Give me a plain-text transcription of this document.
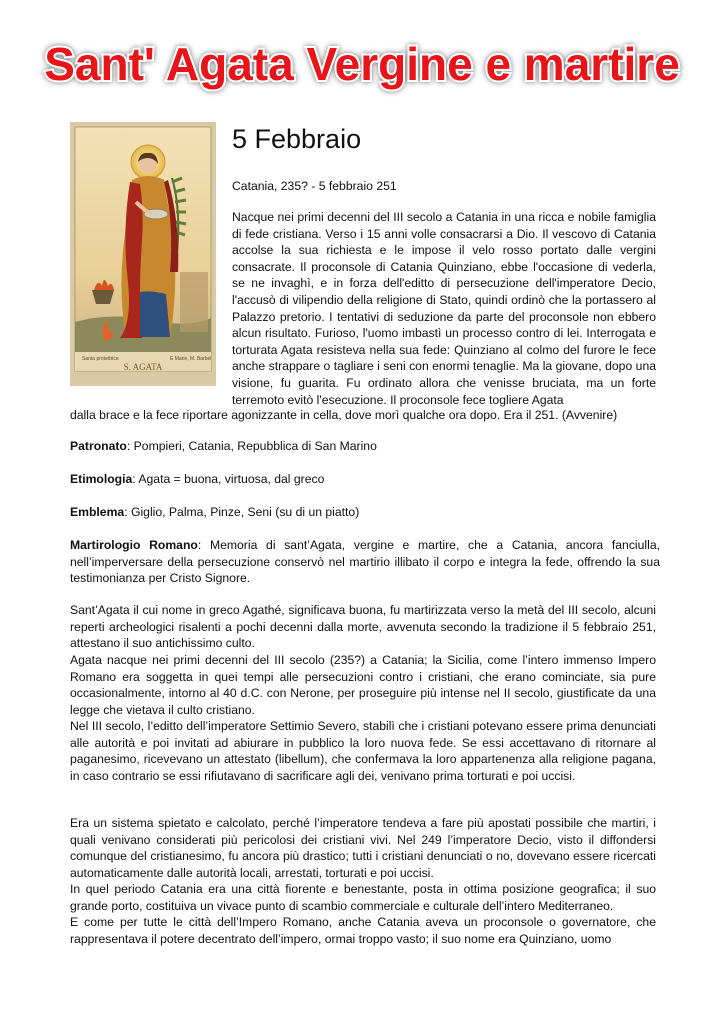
Sant' Agata Vergine e martire
Santa protettrice	E Marie, M. Barbel
S. AGATA
5 Febbraio
Catania, 235? - 5 febbraio 251

Nacque nei primi decenni del III secolo a Catania in una ricca e nobile famiglia di fede cristiana. Verso i 15 anni volle consacrarsi a Dio. Il vescovo di Catania accolse la sua richiesta e le impose il velo rosso portato dalle vergini consacrate. Il proconsole di Catania Quinziano, ebbe l'occasione di vederla, se ne invaghì, e in forza dell'editto di persecuzione dell'imperatore Decio, l'accusò di vilipendio della religione di Stato, quindi ordinò che la portassero al Palazzo pretorio. I tentativi di seduzione da parte del proconsole non ebbero alcun risultato. Furioso, l'uomo imbastì un processo contro di lei. Interrogata e torturata Agata resisteva nella sua fede: Quinziano al colmo del furore le fece anche strappare o tagliare i seni con enormi tenaglie. Ma la giovane, dopo una visione, fu guarita. Fu ordinato allora che venisse bruciata, ma un forte terremoto evitò l'esecuzione. Il proconsole fece togliere Agata

dalla brace e la fece riportare agonizzante in cella, dove morì qualche ora dopo. Era il 251. (Avvenire)

Patronato: Pompieri, Catania, Repubblica di San Marino

Etimologia: Agata = buona, virtuosa, dal greco

Emblema: Giglio, Palma, Pinze, Seni (su di un piatto)

Martirologio Romano: Memoria di sant’Agata, vergine e martire, che a Catania, ancora fanciulla, nell’imperversare della persecuzione conservò nel martirio illibato il corpo e integra la fede, offrendo la sua testimonianza per Cristo Signore.

Sant’Agata il cui nome in greco Agathé, significava buona, fu martirizzata verso la metà del III secolo, alcuni reperti archeologici risalenti a pochi decenni dalla morte, avvenuta secondo la tradizione il 5 febbraio 251, attestano il suo antichissimo culto.

Agata nacque nei primi decenni del III secolo (235?) a Catania; la Sicilia, come l’intero immenso Impero Romano era soggetta in quei tempi alle persecuzioni contro i cristiani, che erano cominciate, sia pure occasionalmente, intorno al 40 d.C. con Nerone, per proseguire più intense nel II secolo, giustificate da una legge che vietava il culto cristiano.

Nel III secolo, l’editto dell’imperatore Settimio Severo, stabilì che i cristiani potevano essere prima denunciati alle autorità e poi invitati ad abiurare in pubblico la loro nuova fede. Se essi accettavano di ritornare al paganesimo, ricevevano un attestato (libellum), che confermava la loro appartenenza alla religione pagana, in caso contrario se essi rifiutavano di sacrificare agli dei, venivano prima torturati e poi uccisi.

Era un sistema spietato e calcolato, perché l’imperatore tendeva a fare più apostati possibile che martiri, i quali venivano considerati più pericolosi dei cristiani vivi. Nel 249 l’imperatore Decio, visto il diffondersi comunque del cristianesimo, fu ancora più drastico; tutti i cristiani denunciati o no, dovevano essere ricercati automaticamente dalle autorità locali, arrestati, torturati e poi uccisi.

In quel periodo Catania era una città fiorente e benestante, posta in ottima posizione geografica; il suo grande porto, costituiva un vivace punto di scambio commerciale e culturale dell’intero Mediterraneo.

E come per tutte le città dell’Impero Romano, anche Catania aveva un proconsole o governatore, che rappresentava il potere decentrato dell’impero, ormai troppo vasto; il suo nome era Quinziano, uomo
